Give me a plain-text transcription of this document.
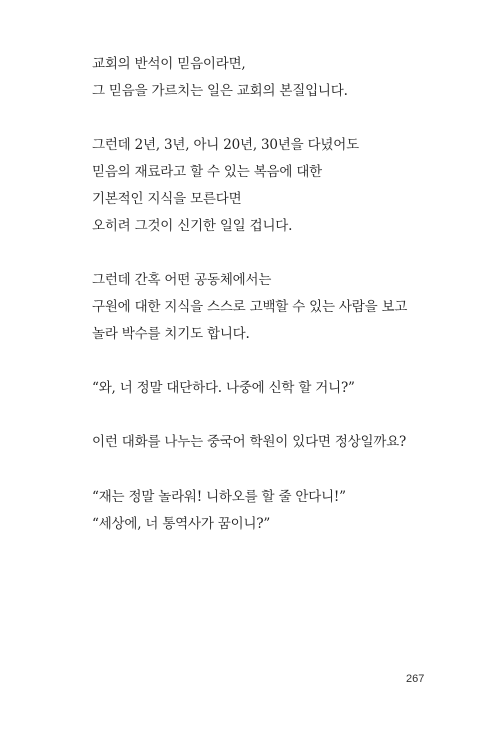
교회의 반석이 믿음이라면,
그 믿음을 가르치는 일은 교회의 본질입니다.
그런데 2년, 3년, 아니 20년, 30년을 다녔어도
믿음의 재료라고 할 수 있는 복음에 대한
기본적인 지식을 모른다면
오히려 그것이 신기한 일일 겁니다.
그런데 간혹 어떤 공동체에서는
구원에 대한 지식을 스스로 고백할 수 있는 사람을 보고
놀라 박수를 치기도 합니다.
“와, 너 정말 대단하다. 나중에 신학 할 거니?”
이런 대화를 나누는 중국어 학원이 있다면 정상일까요?
“재는 정말 놀라워! 니하오를 할 줄 안다니!”
“세상에, 너 통역사가 꿈이니?”
267
